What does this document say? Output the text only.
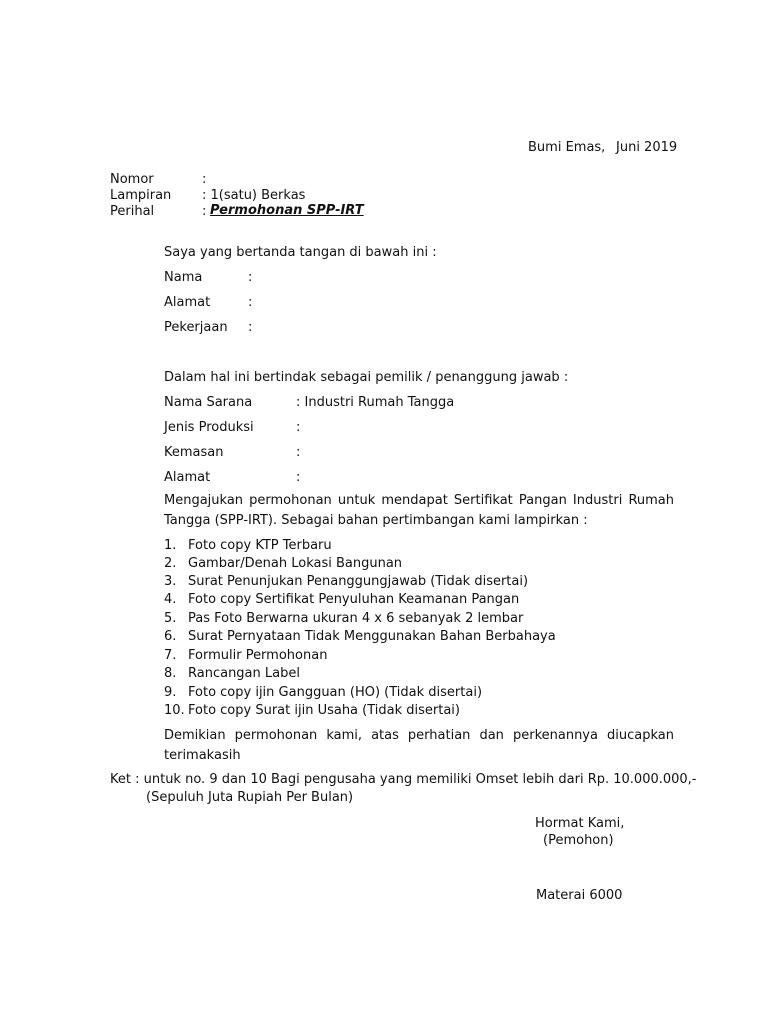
Bumi Emas, Juni 2019
Nomor	:
Lampiran : 1(satu) Berkas
Perihal	: Permohonan SPP-IRT
Saya yang bertanda tangan di bawah ini :
Nama	:
Alamat	:
Pekerjaan :
Dalam hal ini bertindak sebagai pemilik / penanggung jawab :
Nama Sarana	: Industri Rumah Tangga
Jenis Produksi	:
Kemasan	:
Alamat	:
Mengajukan permohonan untuk mendapat Sertifikat Pangan Industri Rumah Tangga (SPP-IRT). Sebagai bahan pertimbangan kami lampirkan :
1. Foto copy KTP Terbaru
2. Gambar/Denah Lokasi Bangunan
3. Surat Penunjukan Penanggungjawab (Tidak disertai)
4. Foto copy Sertifikat Penyuluhan Keamanan Pangan
5. Pas Foto Berwarna ukuran 4 x 6 sebanyak 2 lembar
6. Surat Pernyataan Tidak Menggunakan Bahan Berbahaya
7. Formulir Permohonan
8. Rancangan Label
9. Foto copy ijin Gangguan (HO) (Tidak disertai)
10. Foto copy Surat ijin Usaha (Tidak disertai)
Demikian permohonan kami, atas perhatian dan perkenannya diucapkan terimakasih
Ket : untuk no. 9 dan 10 Bagi pengusaha yang memiliki Omset lebih dari Rp. 10.000.000,-
(Sepuluh Juta Rupiah Per Bulan)
Hormat Kami,
(Pemohon)
Materai 6000
